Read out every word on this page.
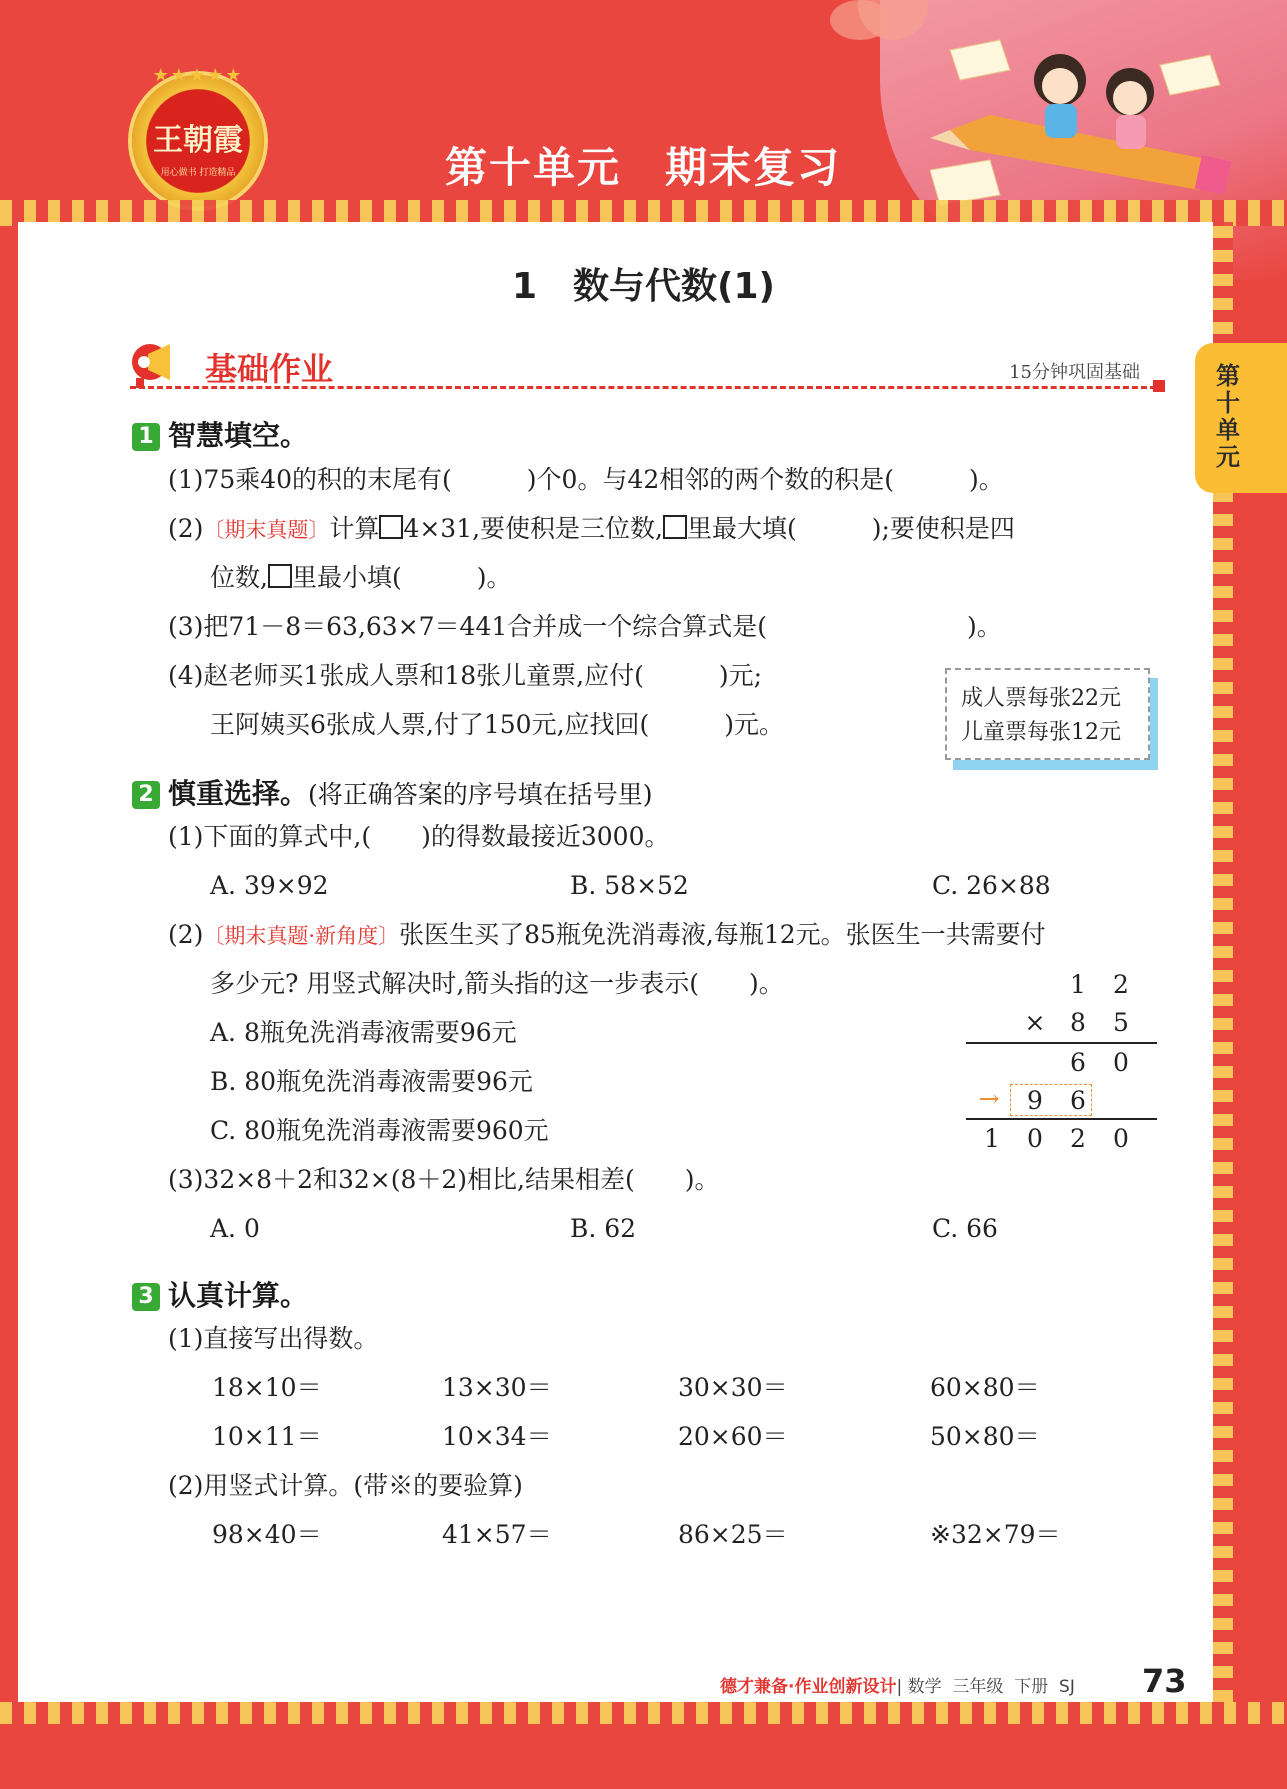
★★★★★
王朝霞
用心做书 打造精品	第十单元　期末复习
第十单元
1　数与代数(1)
基础作业	15分钟巩固基础
1 智慧填空。
(1)75乘40的积的末尾有(　　　)个0。与42相邻的两个数的积是(　　　)。
(2)〔期末真题〕计算 4×31,要使积是三位数, 里最大填(　　　);要使积是四
位数, 里最小填(　　　)。
(3)把71－8＝63,63×7＝441合并成一个综合算式是(　　　　　　　　)。
(4)赵老师买1张成人票和18张儿童票,应付(　　　)元;
王阿姨买6张成人票,付了150元,应找回(　　　)元。
成人票每张22元
儿童票每张12元
2 慎重选择。(将正确答案的序号填在括号里)
(1)下面的算式中,(　　)的得数最接近3000。
A. 39×92	B. 58×52	C. 26×88
(2)〔期末真题·新角度〕张医生买了85瓶免洗消毒液,每瓶12元。张医生一共需要付
多少元? 用竖式解决时,箭头指的这一步表示(　　)。
A. 8瓶免洗消毒液需要96元
B. 80瓶免洗消毒液需要96元
C. 80瓶免洗消毒液需要960元
1 2
× 8 5
6 0
→ 9 6
1 0 2 0
(3)32×8＋2和32×(8＋2)相比,结果相差(　　)。
A. 0	B. 62	C. 66
3 认真计算。
(1)直接写出得数。
18×10＝	13×30＝	30×30＝	60×80＝
10×11＝	10×34＝	20×60＝	50×80＝
(2)用竖式计算。(带※的要验算)
98×40＝	41×57＝	86×25＝	※32×79＝
德才兼备·作业创新设计| 数学  三年级  下册  SJ 73
